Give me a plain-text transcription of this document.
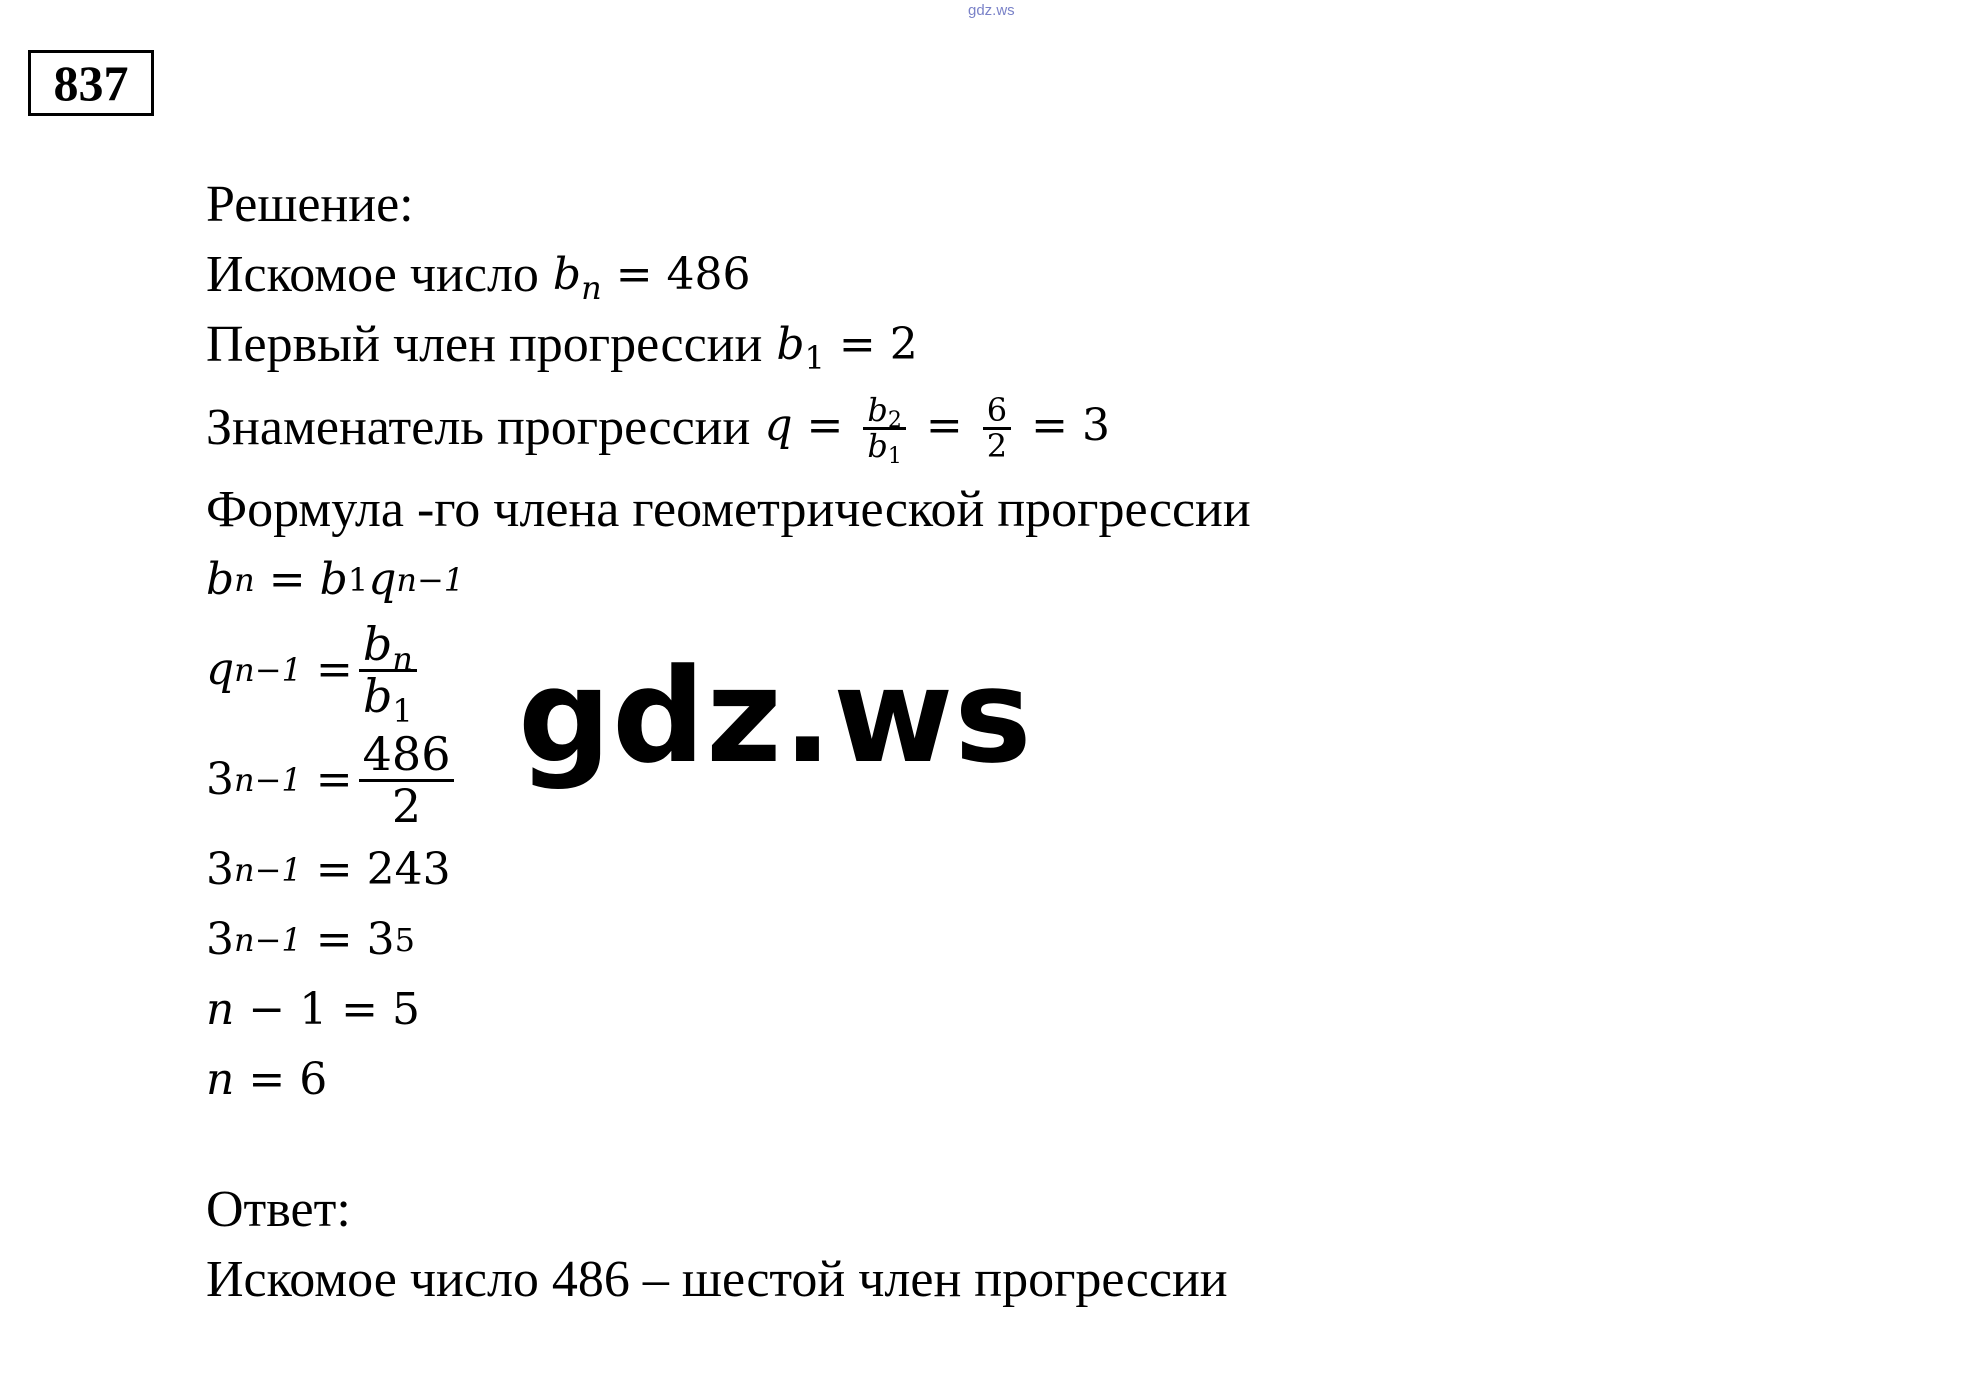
gdz.ws
837
Решение:
Искомое число $b_n = 486$
Первый член прогрессии $b_1 = 2$
Знаменатель прогрессии $q = \frac{b_2}{b_1} = \frac{6}{2} = 3$
Формула -го члена геометрической прогрессии
b n
=
b 1 q n−1
q n−1
= $\frac{b_n}{b_1}$
3 n−1
= $\frac{486}{2}$
3 n−1
= 243
3 n−1
=
3 5
n
− 1 = 5
n
= 6
Ответ:
Искомое число 486 – шестой член прогрессии
gdz.ws
